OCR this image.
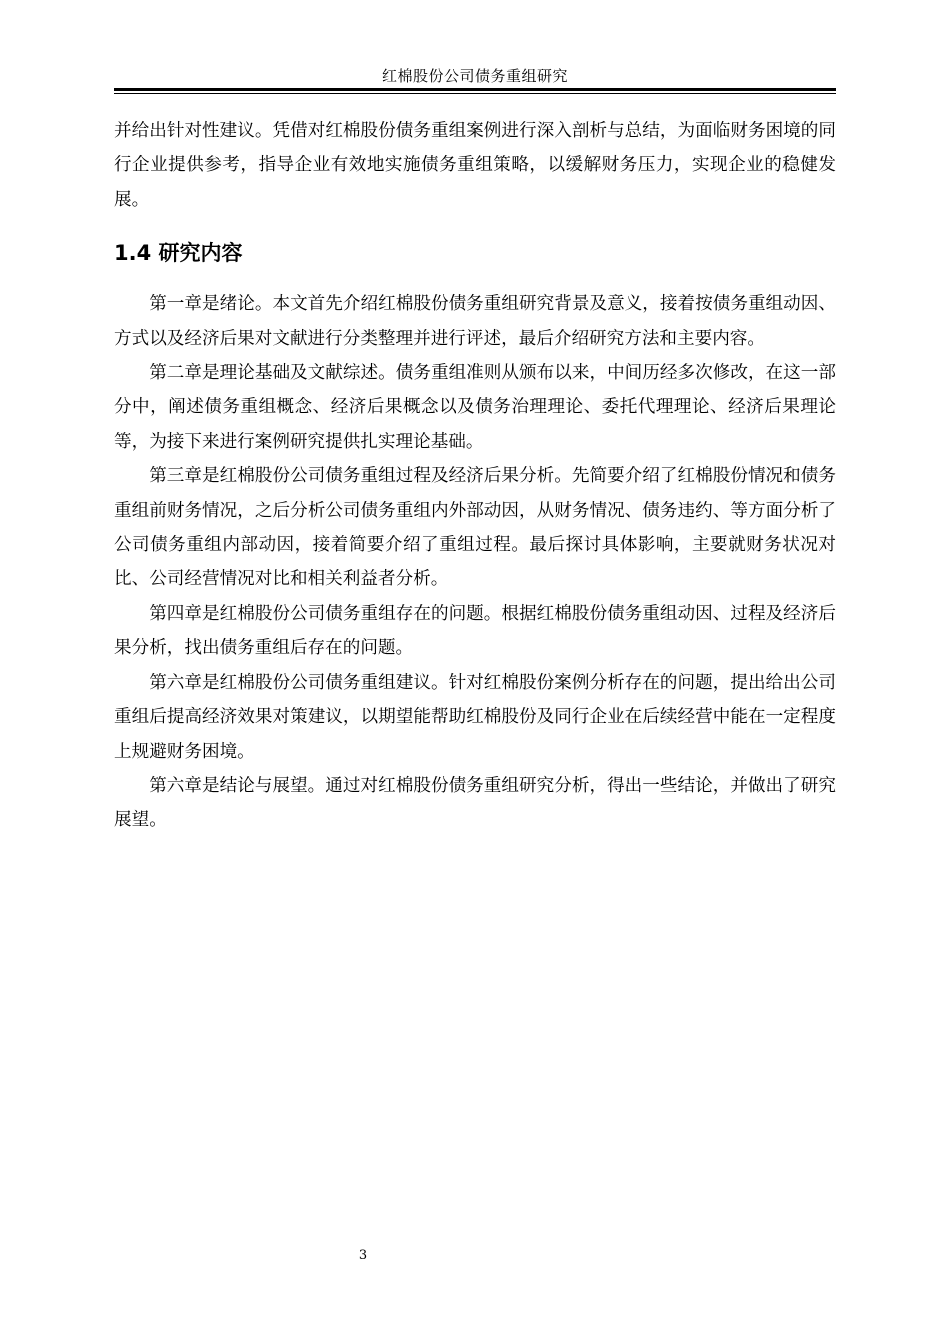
红棉股份公司债务重组研究

并给出针对性建议。凭借对红棉股份债务重组案例进行深入剖析与总结，为面临财务困境的同行企业提供参考，指导企业有效地实施债务重组策略，以缓解财务压力，实现企业的稳健发展。

1.4 研究内容

第一章是绪论。本文首先介绍红棉股份债务重组研究背景及意义，接着按债务重组动因、方式以及经济后果对文献进行分类整理并进行评述，最后介绍研究方法和主要内容。

第二章是理论基础及文献综述。债务重组准则从颁布以来，中间历经多次修改，在这一部分中，阐述债务重组概念、经济后果概念以及债务治理理论、委托代理理论、经济后果理论等，为接下来进行案例研究提供扎实理论基础。

第三章是红棉股份公司债务重组过程及经济后果分析。先简要介绍了红棉股份情况和债务重组前财务情况，之后分析公司债务重组内外部动因，从财务情况、债务违约、等方面分析了公司债务重组内部动因，接着简要介绍了重组过程。最后探讨具体影响，主要就财务状况对比、公司经营情况对比和相关利益者分析。

第四章是红棉股份公司债务重组存在的问题。根据红棉股份债务重组动因、过程及经济后果分析，找出债务重组后存在的问题。

第六章是红棉股份公司债务重组建议。针对红棉股份案例分析存在的问题，提出给出公司重组后提高经济效果对策建议，以期望能帮助红棉股份及同行企业在后续经营中能在一定程度上规避财务困境。

第六章是结论与展望。通过对红棉股份债务重组研究分析，得出一些结论，并做出了研究展望。

3
